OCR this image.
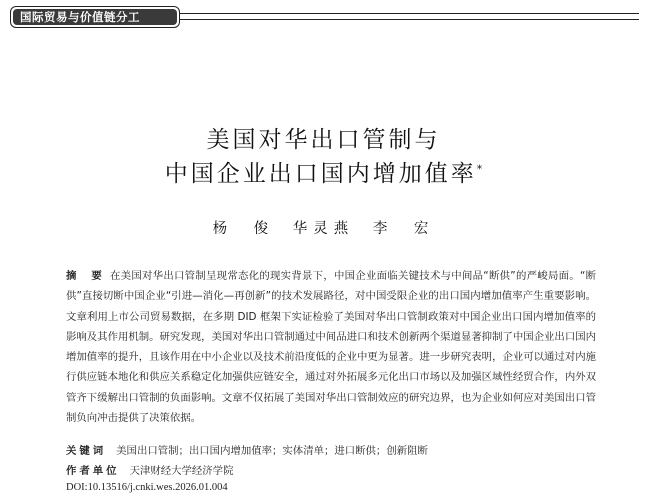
国际贸易与价值链分工
美国对华出口管制与
中国企业出口国内增加值率*
杨　俊 华灵燕 李　宏
摘　要 在美国对华出口管制呈现常态化的现实背景下，中国企业面临关键技术与中间品“断供”的严峻局面。“断供”直接切断中国企业“引进—消化—再创新”的技术发展路径，对中国受限企业的出口国内增加值率产生重要影响。文章利用上市公司贸易数据，在多期 DID 框架下实证检验了美国对华出口管制政策对中国企业出口国内增加值率的影响及其作用机制。研究发现，美国对华出口管制通过中间品进口和技术创新两个渠道显著抑制了中国企业出口国内增加值率的提升，且该作用在中小企业以及技术前沿度低的企业中更为显著。进一步研究表明，企业可以通过对内施行供应链本地化和供应关系稳定化加强供应链安全，通过对外拓展多元化出口市场以及加强区域性经贸合作，内外双管齐下缓解出口管制的负面影响。文章不仅拓展了美国对华出口管制效应的研究边界，也为企业如何应对美国出口管制负向冲击提供了决策依据。
关键词 美国出口管制；出口国内增加值率；实体清单；进口断供；创新阻断
作者单位 天津财经大学经济学院
DOI:10.13516/j.cnki.wes.2026.01.004
